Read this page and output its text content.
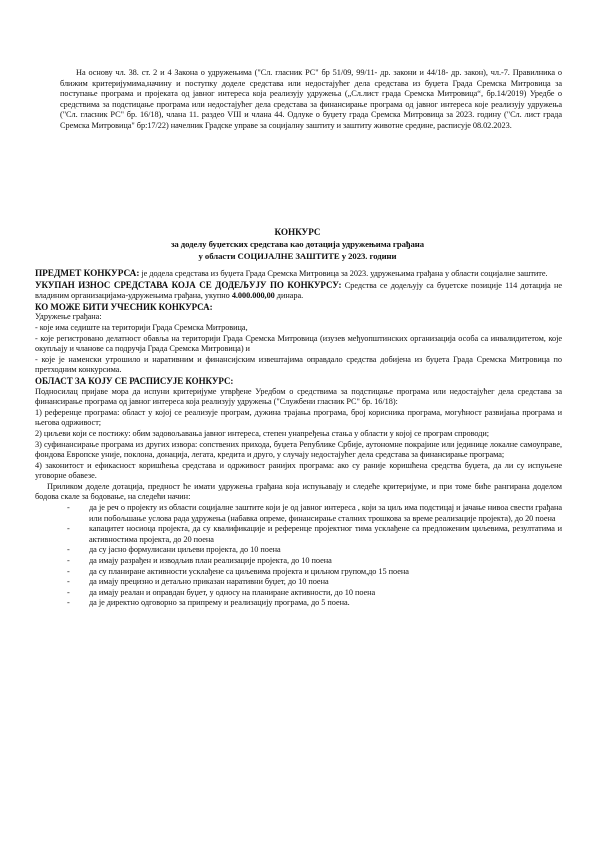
На основу чл. 38. ст. 2 и 4 Закона о удружењима ("Сл. гласник РС" бр 51/09, 99/11- др. закони и 44/18- др. закон), чл.-7. Правилника о ближим критеријумима,начину и поступку доделе средстава или недостајућег дела средстава из буџета Града Сремска Митровица за поступање програма и пројеката од јавног интереса која реализују удружења („Сл.лист града Сремска Митровица“, бр.14/2019) Уредбе о средствима за подстицање програма или недостајућег дела средстава за финансирање програма од јавног интереса које реализују удружења ("Сл. гласник РС" бр. 16/18), члана 11. раздео VIII и члана 44. Одлуке о буџету града Сремска Митровица за 2023. годину ("Сл. лист града Сремска Митровица" бр:17/22) начелник Градске управе за социјалну заштиту и заштиту животне средине, расписује 08.02.2023.

КОНКУРС
за доделу буџетских средстава као дотација удружењима грађана
у области СОЦИЈАЛНЕ ЗАШТИТЕ у 2023. години

ПРЕДМЕТ КОНКУРСА: је додела средстава из буџета Града Сремска Митровица за 2023. удружењима грађана у области социјалне заштите.

УКУПАН ИЗНОС СРЕДСТАВА КОЈА СЕ ДОДЕЉУЈУ ПО КОНКУРСУ: Средства се додељују са буџетске позиције 114 дотација не владиним организацијама-удружењима грађана, укупно 4.000.000,00 динара.

КО МОЖЕ БИТИ УЧЕСНИК КОНКУРСА:

Удружење грађана:

- које има седиште на територији Града Сремска Митровица,

- које регистровано делатност обавља на територији Града Сремска Митровица (изузев међуопштинских организација особа са инвалидитетом, које окупљају и чланове са подручја Града Сремска Митровица) и

- које је наменски утрошило и наративним и финансијским извештајима оправдало средства добијена из буџета Града Сремска Митровица по претходним конкурсима.

ОБЛАСТ ЗА КОЈУ СЕ РАСПИСУЈЕ КОНКУРС:

Подносилац пријаве мора да испуни критеријуме утврђене Уредбом о средствима за подстицање програма или недостајућег дела средстава за финансирање програма од јавног интереса која реализују удружења ("Службени гласник РС" бр. 16/18):

1) референце програма: област у којој се реализује програм, дужина трајања програма, број корисника програма, могућност развијања програма и његова одрживост;

2) циљеви који се постижу: обим задовољавања јавног интереса, степен унапређења стања у области у којој се програм спроводи;

3) суфинансирање програма из других извора: сопствених прихода, буџета Републике Србије, аутономне покрајине или јединице локалне самоуправе, фондова Европске уније, поклона, донација, легата, кредита и друго, у случају недостајућег дела средстава за финансирање програма;

4) законитост и ефикасност коришћења средстава и одрживост ранијих програма: ако су раније коришћена средства буџета, да ли су испуњене уговорне обавезе.

Приликом доделе дотација, предност ће имати удружења грађана која испуњавају и следеће критеријуме, и при томе биће рангирана доделом бодова скале за бодовање, на следећи начин:

- да је реч о пројекту из области социјалне заштите који је од јавног интереса , који за циљ има подстицај и јачање нивоа свести грађана или побољшање услова рада удружења (набавка опреме, финансирање сталних трошкова за време реализације пројекта), до 20 поена
- капацитет носиоца пројекта, да су квалификације и референце пројектног тима усклађене са предложеним циљевима, резултатима и активностима пројекта, до 20 поена
- да су јасно формулисани циљеви пројекта, до 10 поена
- да имају разрађен и изводљив план реализације пројекта, до 10 поена
- да су планиране активности усклађене са циљевима пројекта и циљном групом,до 15 поена
- да имају прецизно и детаљно приказан наративни буџет, до 10 поена
- да имају реалан и оправдан буџет, у односу на планиране активности, до 10 поена
- да је директно одговорно за припрему и реализацију програма, до 5 поена.
